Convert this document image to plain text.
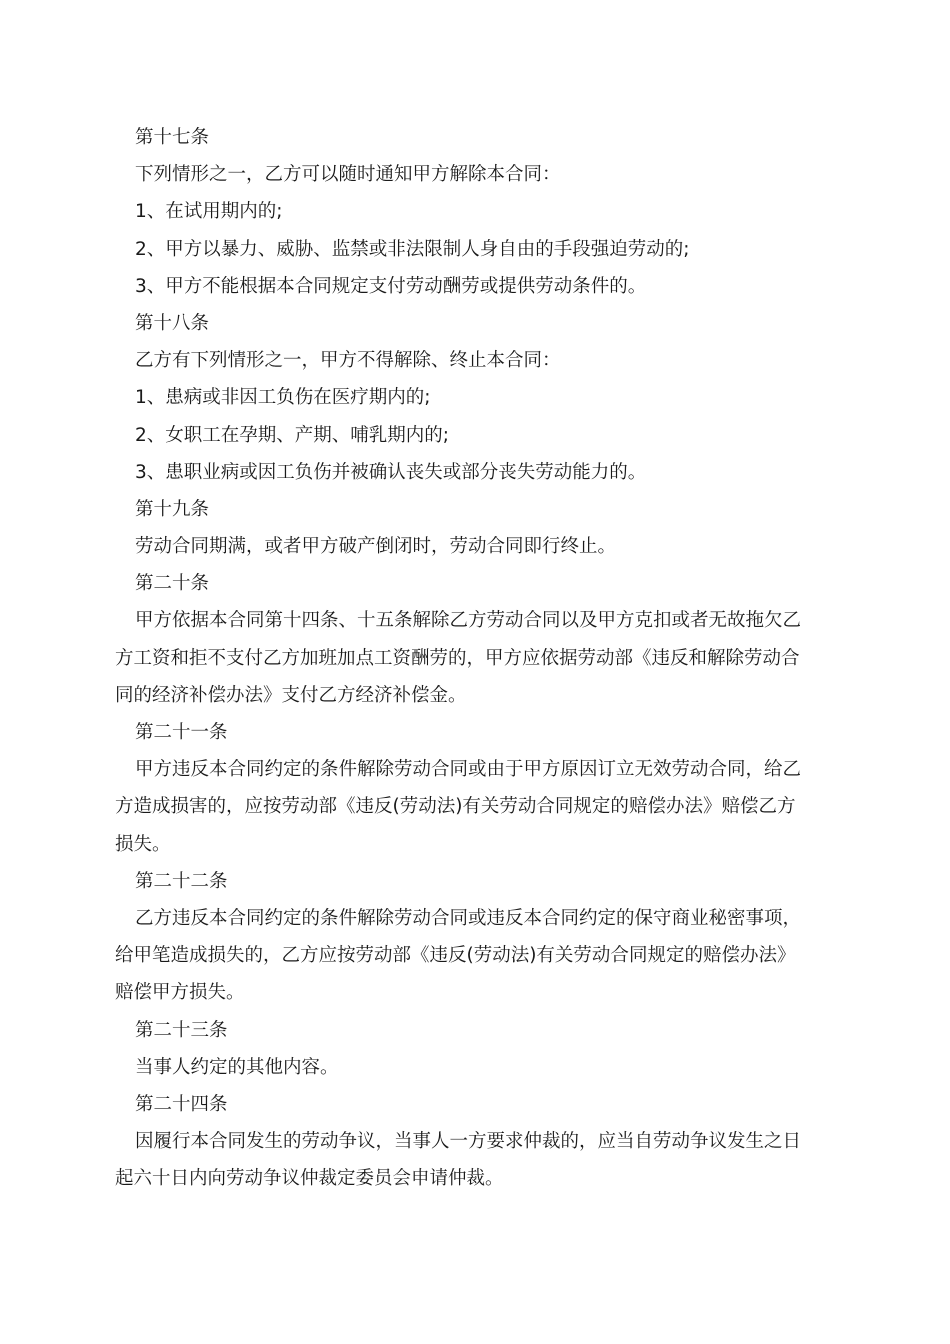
第十七条
下列情形之一，乙方可以随时通知甲方解除本合同：
1、在试用期内的;
2、甲方以暴力、威胁、监禁或非法限制人身自由的手段强迫劳动的;
3、甲方不能根据本合同规定支付劳动酬劳或提供劳动条件的。
第十八条
乙方有下列情形之一，甲方不得解除、终止本合同：
1、患病或非因工负伤在医疗期内的;
2、女职工在孕期、产期、哺乳期内的;
3、患职业病或因工负伤并被确认丧失或部分丧失劳动能力的。
第十九条
劳动合同期满，或者甲方破产倒闭时，劳动合同即行终止。
第二十条
甲方依据本合同第十四条、十五条解除乙方劳动合同以及甲方克扣或者无故拖欠乙
方工资和拒不支付乙方加班加点工资酬劳的，甲方应依据劳动部《违反和解除劳动合
同的经济补偿办法》支付乙方经济补偿金。
第二十一条
甲方违反本合同约定的条件解除劳动合同或由于甲方原因订立无效劳动合同，给乙
方造成损害的，应按劳动部《违反(劳动法)有关劳动合同规定的赔偿办法》赔偿乙方
损失。
第二十二条
乙方违反本合同约定的条件解除劳动合同或违反本合同约定的保守商业秘密事项，
给甲笔造成损失的，乙方应按劳动部《违反(劳动法)有关劳动合同规定的赔偿办法》
赔偿甲方损失。
第二十三条
当事人约定的其他内容。
第二十四条
因履行本合同发生的劳动争议，当事人一方要求仲裁的，应当自劳动争议发生之日
起六十日内向劳动争议仲裁定委员会申请仲裁。
